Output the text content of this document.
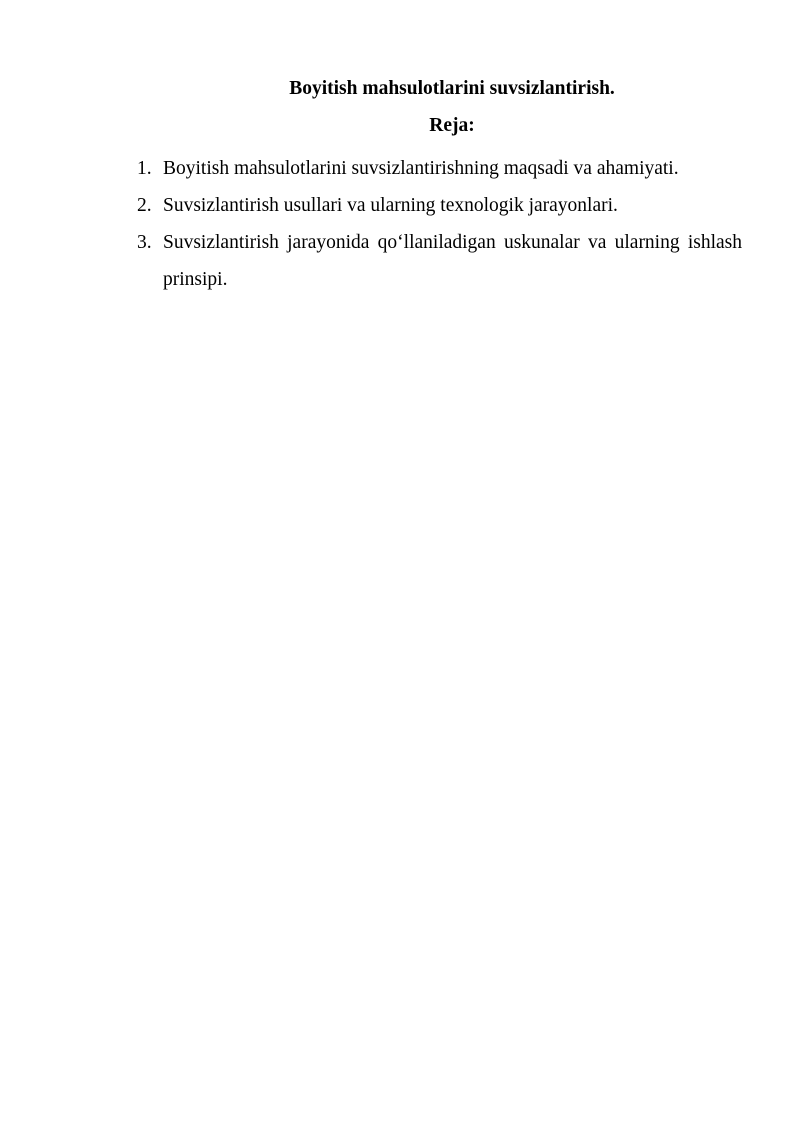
Boyitish mahsulotlarini suvsizlantirish.
Reja:
1. Boyitish mahsulotlarini suvsizlantirishning maqsadi va ahamiyati.
2. Suvsizlantirish usullari va ularning texnologik jarayonlari.
3. Suvsizlantirish jarayonida qo‘llaniladigan uskunalar va ularning ishlash prinsipi.
